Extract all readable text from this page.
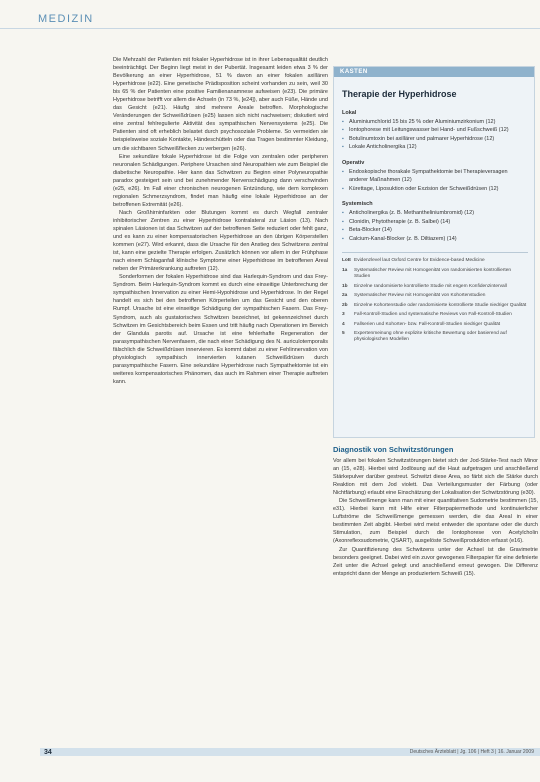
MEDIZIN

Die Mehrzahl der Patienten mit fokaler Hyperhidrose ist in ihrer Lebensqualität deutlich beeinträchtigt. Der Beginn liegt meist in der Pubertät. Insgesamt leiden etwa 3 % der Bevölkerung an einer Hyperhidrose, 51 % davon an einer fokalen axillären Hyperhidrose (e22). Eine genetische Prädisposition scheint vorhanden zu sein, weil 30 bis 65 % der Patienten eine positive Familienanamnese aufweisen (e23). Die primäre Hyperhidrose betrifft vor allem die Achseln (in 73 %, [e24]), aber auch Füße, Hände und das Gesicht (e21). Häufig sind mehrere Areale betroffen. Morphologische Veränderungen der Schweißdrüsen (e25) lassen sich nicht nachweisen; diskutiert wird eine zentral fehlregulierte Aktivität des sympathischen Nervensystems (e25). Die Patienten sind oft erheblich belastet durch psychosoziale Probleme. So vermeiden sie beispielsweise soziale Kontakte, Händeschütteln oder das Tragen bestimmter Kleidung, um die sichtbaren Schweißflecken zu verbergen (e26).

Eine sekundäre fokale Hyperhidrose ist die Folge von zentralen oder peripheren neuronalen Schädigungen. Periphere Ursachen sind Neuropathien wie zum Beispiel die diabetische Neuropathie. Hier kann das Schwitzen zu Beginn einer Polyneuropathie paradox gesteigert sein und bei zunehmender Nervenschädigung dann verschwinden (e25, e26). Im Fall einer chronischen neurogenen Entzündung, wie dem komplexen regionalen Schmerzsyndrom, findet man häufig eine lokale Hyperhidrose an der betroffenen Extremität (e26).

Nach Großhirninfarkten oder Blutungen kommt es durch Wegfall zentraler inhibitorischer Zentren zu einer Hyperhidrose kontralateral zur Läsion (13). Nach spinalen Läsionen ist das Schwitzen auf der betroffenen Seite reduziert oder fehlt ganz, und es kann zu einer kompensatorischen Hyperhidrose an den übrigen Körperstellen kommen (e27). Wird erkannt, dass die Ursache für den Anstieg des Schwitzens zentral ist, kann eine gezielte Therapie erfolgen. Zusätzlich können vor allem in der Frühphase nach einem Schlaganfall klinische Symptome einer Hyperhidrose im betroffenen Areal neben der Primärerkrankung auftreten (12).

Sonderformen der fokalen Hyperhidrose sind das Harlequin-Syndrom und das Frey-Syndrom. Beim Harlequin-Syndrom kommt es durch eine einseitige Unterbrechung der sympathischen Innervation zu einer Hemi-Hypohidrose und Hyperhidrose. In der Regel handelt es sich bei den betroffenen Körperteilen um das Gesicht und den oberen Rumpf. Ursache ist eine einseitige Schädigung der sympathischen Fasern. Das Frey-Syndrom, auch als gustatorisches Schwitzen bezeichnet, ist gekennzeichnet durch Schwitzen im Gesichtsbereich beim Essen und tritt häufig nach Operationen im Bereich der Glandula parotis auf. Ursache ist eine fehlerhafte Regeneration der parasympathischen Nervenfasern, die nach einer Schädigung des N. auriculotemporalis fälschlich die Schweißdrüsen innervieren. Es kommt dabei zu einer Fehlinnervation von physiologisch sympathisch innervierten kutanen Schweißdrüsen durch parasympathische Fasern. Eine sekundäre Hyperhidrose nach Sympathektomie ist ein weiteres kompensatorisches Phänomen, das auch im Rahmen einer Therapie auftreten kann.

KASTEN
Therapie der Hyperhidrose
Lokal
▪ Aluminiumchlorid 15 bis 25 % oder Aluminiumzirkonium (12)
▪ Iontophorese mit Leitungswasser bei Hand- und Fußschweiß (12)
▪ Botulinumtoxin bei axillärer und palmarer Hyperhidrose (12)
▪ Lokale Anticholinergika (12)
Operativ
▪ Endoskopische thorakale Sympathektomie bei Therapieversagen anderer Maßnahmen (12)
▪ Kürettage, Liposuktion oder Exzision der Schweißdrüsen (12)
Systemisch
▪ Anticholinergika (z. B. Methantheliniumbromid) (12)
▪ Clonidin, Phytotherapie (z. B. Salbei) (14)
▪ Beta-Blocker (14)
▪ Calcium-Kanal-Blocker (z. B. Diltiazem) (14)
LoE Evidenzlevel laut Oxford Centre for Evidence-based Medicine
1a	Systematischer Review mit Homogenität von randomisierten kontrollierten Studien
1b	Einzelne randomisierte kontrollierte Studie mit engem Konfidenzintervall
2a	Systematischer Review mit Homogenität von Kohortenstudien
2b	Einzelne Kohortenstudie oder randomisierte kontrollierte Studie niedriger Qualität
3	Fall-Kontroll-Studien und systematische Reviews von Fall-Kontroll-Studien
4	Fallserien und Kohorten- bzw. Fall-Kontroll-Studien niedriger Qualität
5	Expertenmeinung ohne explizite kritische Bewertung oder basierend auf physiologischen Modellen
Diagnostik von Schwitzstörungen

Vor allem bei fokalen Schwitzstörungen bietet sich der Jod-Stärke-Test nach Minor an (15, e28). Hierbei wird Jodlösung auf die Haut aufgetragen und anschließend Stärkepulver darüber gestreut. Schwitzt diese Area, so färbt sich die Stärke durch Reaktion mit dem Jod violett. Das Verteilungsmuster der Färbung (oder Nichtfärbung) erlaubt eine Einschätzung der Lokalisation der Schwitzstörung (e30).

Die Schweißmenge kann man mit einer quantitativen Sudometrie bestimmen (15, e31). Hierbei kann mit Hilfe einer Filterpapiermethode und kontinuierlicher Luftströme die Schweißmenge gemessen werden, die das Areal in einer bestimmten Zeit abgibt. Hierbei wird meist entweder die spontane oder die durch Stimulation, zum Beispiel durch die Iontophorese von Acetylcholin (Axonreflexsudometrie, QSART), ausgelöste Schweißproduktion erfasst (e16).

Zur Quantifizierung des Schwitzens unter der Achsel ist die Gravimetrie besonders geeignet. Dabei wird ein zuvor gewogenes Filterpapier für eine definierte Zeit unter die Achsel gelegt und anschließend erneut gewogen. Die Differenz entspricht dann der Menge an produziertem Schweiß (15).

34	Deutsches Ärzteblatt | Jg. 106 | Heft 3 | 16. Januar 2009
